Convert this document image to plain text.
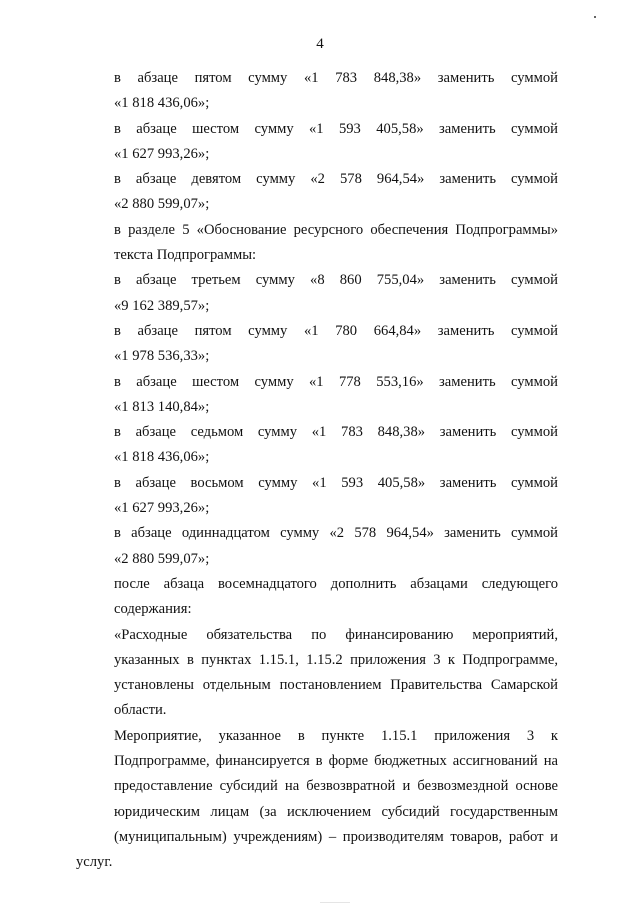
4
в абзаце пятом сумму «1 783 848,38» заменить суммой
«1 818 436,06»;
в абзаце шестом сумму «1 593 405,58» заменить суммой
«1 627 993,26»;
в абзаце девятом сумму «2 578 964,54» заменить суммой
«2 880 599,07»;
в разделе 5 «Обоснование ресурсного обеспечения Подпрограммы»
текста Подпрограммы:
в абзаце третьем сумму «8 860 755,04» заменить суммой
«9 162 389,57»;
в абзаце пятом сумму «1 780 664,84» заменить суммой
«1 978 536,33»;
в абзаце шестом сумму «1 778 553,16» заменить суммой
«1 813 140,84»;
в абзаце седьмом сумму «1 783 848,38» заменить суммой
«1 818 436,06»;
в абзаце восьмом сумму «1 593 405,58» заменить суммой
«1 627 993,26»;
в абзаце одиннадцатом сумму «2 578 964,54» заменить суммой
«2 880 599,07»;
после абзаца восемнадцатого дополнить абзацами следующего
содержания:
«Расходные обязательства по финансированию мероприятий,
указанных в пунктах 1.15.1, 1.15.2 приложения 3 к Подпрограмме,
установлены отдельным постановлением Правительства Самарской
области.
Мероприятие, указанное в пункте 1.15.1 приложения 3 к
Подпрограмме, финансируется в форме бюджетных ассигнований на
предоставление субсидий на безвозвратной и безвозмездной основе
юридическим лицам (за исключением субсидий государственным
(муниципальным) учреждениям) – производителям товаров, работ и услуг.
